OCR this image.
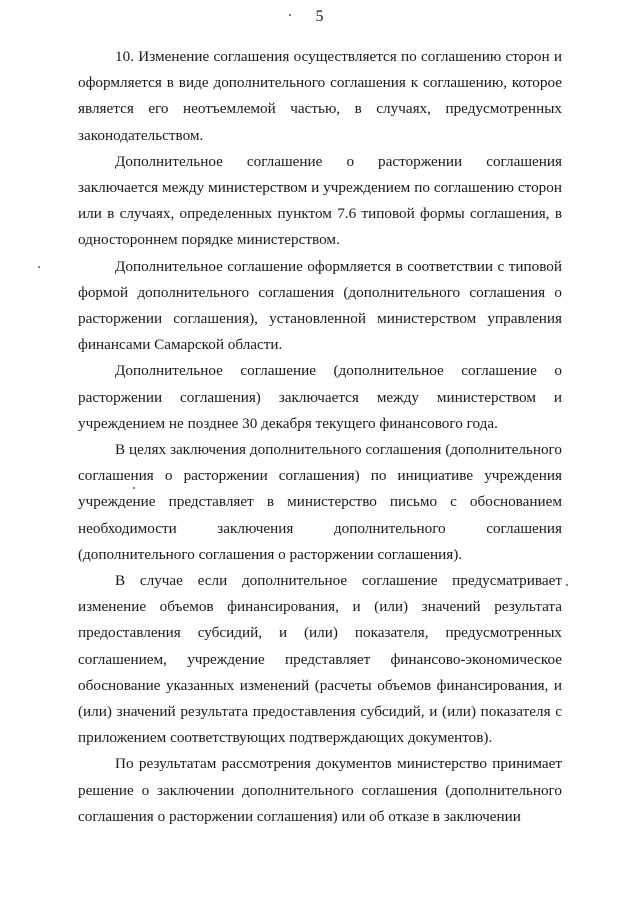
5

10. Изменение соглашения осуществляется по соглашению сторон и оформляется в виде дополнительного соглашения к соглашению, которое является его неотъемлемой частью, в случаях, предусмотренных законодательством.

Дополнительное соглашение о расторжении соглашения заключается между министерством и учреждением по соглашению сторон или в случаях, определенных пунктом 7.6 типовой формы соглашения, в одностороннем порядке министерством.

Дополнительное соглашение оформляется в соответствии с типовой формой дополнительного соглашения (дополнительного соглашения о расторжении соглашения), установленной министерством управления финансами Самарской области.

Дополнительное соглашение (дополнительное соглашение о расторжении соглашения) заключается между министерством и учреждением не позднее 30 декабря текущего финансового года.

В целях заключения дополнительного соглашения (дополнительного соглашения о расторжении соглашения) по инициативе учреждения учреждение представляет в министерство письмо с обоснованием необходимости заключения дополнительного соглашения (дополнительного соглашения о расторжении соглашения).

В случае если дополнительное соглашение предусматривает изменение объемов финансирования, и (или) значений результата предоставления субсидий, и (или) показателя, предусмотренных соглашением, учреждение представляет финансово-экономическое обоснование указанных изменений (расчеты объемов финансирования, и (или) значений результата предоставления субсидий, и (или) показателя с приложением соответствующих подтверждающих документов).

По результатам рассмотрения документов министерство принимает решение о заключении дополнительного соглашения (дополнительного соглашения о расторжении соглашения) или об отказе в заключении
